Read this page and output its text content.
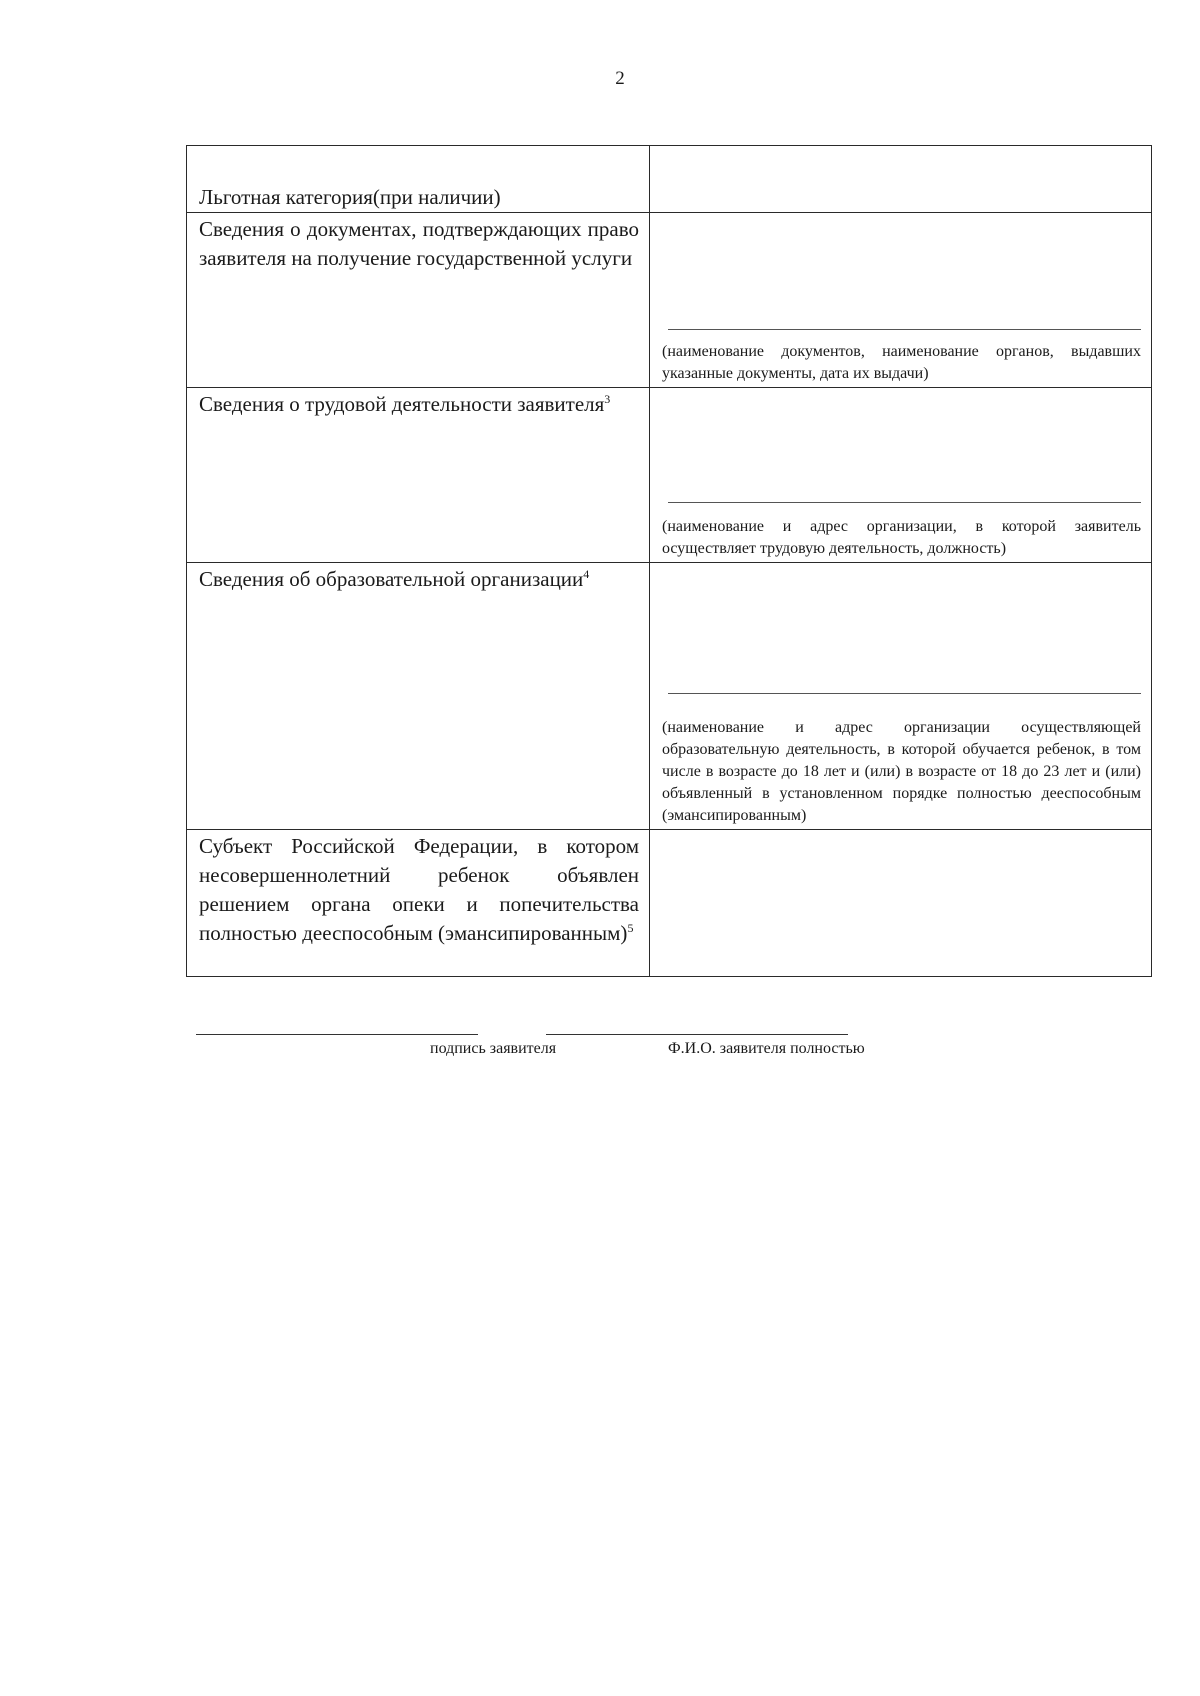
2
Льготная категория(при наличии)	

Сведения о документах, подтверждающих право заявителя на получение государственной услуги	(наименование документов, наименование органов, выдавших указанные документы, дата их выдачи)

Сведения о трудовой деятельности заявителя$^3$	(наименование и адрес организации, в которой заявитель осуществляет трудовую деятельность, должность)

Сведения об образовательной организации$^4$	(наименование и адрес организации осуществляющей образовательную деятельность, в которой обучается ребенок, в том числе в возрасте до 18 лет и (или) в возрасте от 18 до 23 лет и (или) объявленный в установленном порядке полностью дееспособным (эмансипированным)

Субъект Российской Федерации, в котором несовершеннолетний ребенок объявлен решением органа опеки и попечительства полностью дееспособным (эмансипированным)$^5$	
подпись заявителя	Ф.И.О. заявителя полностью
